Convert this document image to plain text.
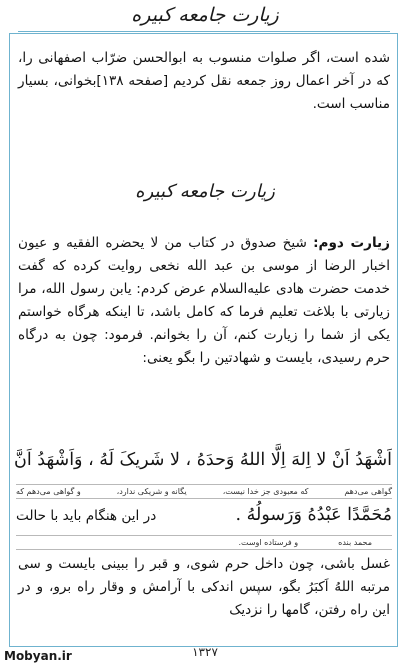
زیارت جامعه کبیره
شده است، اگر صلوات منسوب به ابوالحسن ضرّاب اصفهانی را، که در آخر اعمال روز جمعه نقل کردیم [صفحه ۱۳۸]بخوانی، بسیار مناسب است.
زیارت جامعه کبیره
زیارت دوم: شیخ صدوق در کتاب من لا یحضره الفقیه و عیون اخبار الرضا از موسی بن عبد الله نخعی روایت کرده که گفت خدمت حضرت هادی عليه‌السلام عرض کردم: یابن رسول الله، مرا زیارتی با بلاغت تعلیم فرما که کامل باشد، تا اینکه هرگاه خواستم یکی از شما را زیارت کنم، آن را بخوانم. فرمود: چون به درگاه حرم رسیدی، بایست و شهادتین را بگو یعنی:
اَشْهَدُ اَنْ لا اِلهَ اِلَّا اللهُ وَحدَهُ ، لا شَریکَ لَهُ ، وَاَشْهَدُ اَنَّ
گواهی می‌دهم
که معبودی جز خدا نیست،
یگانه و شریکی ندارد،
و گواهی می‌دهم که
مُحَمَّدًا عَبْدُهُ وَرَسولُهُ .
در این هنگام باید با حالت
محمد بنده
و فرستاده اوست.
غسل باشی، چون داخل حرم شوی، و قبر را ببینی بایست و سی مرتبه اللهُ اَکبَرُ بگو، سپس اندکی با آرامش و وقار راه برو، و در این راه رفتن، گامها را نزدیک
۱۳۲۷
Mobyan.ir
